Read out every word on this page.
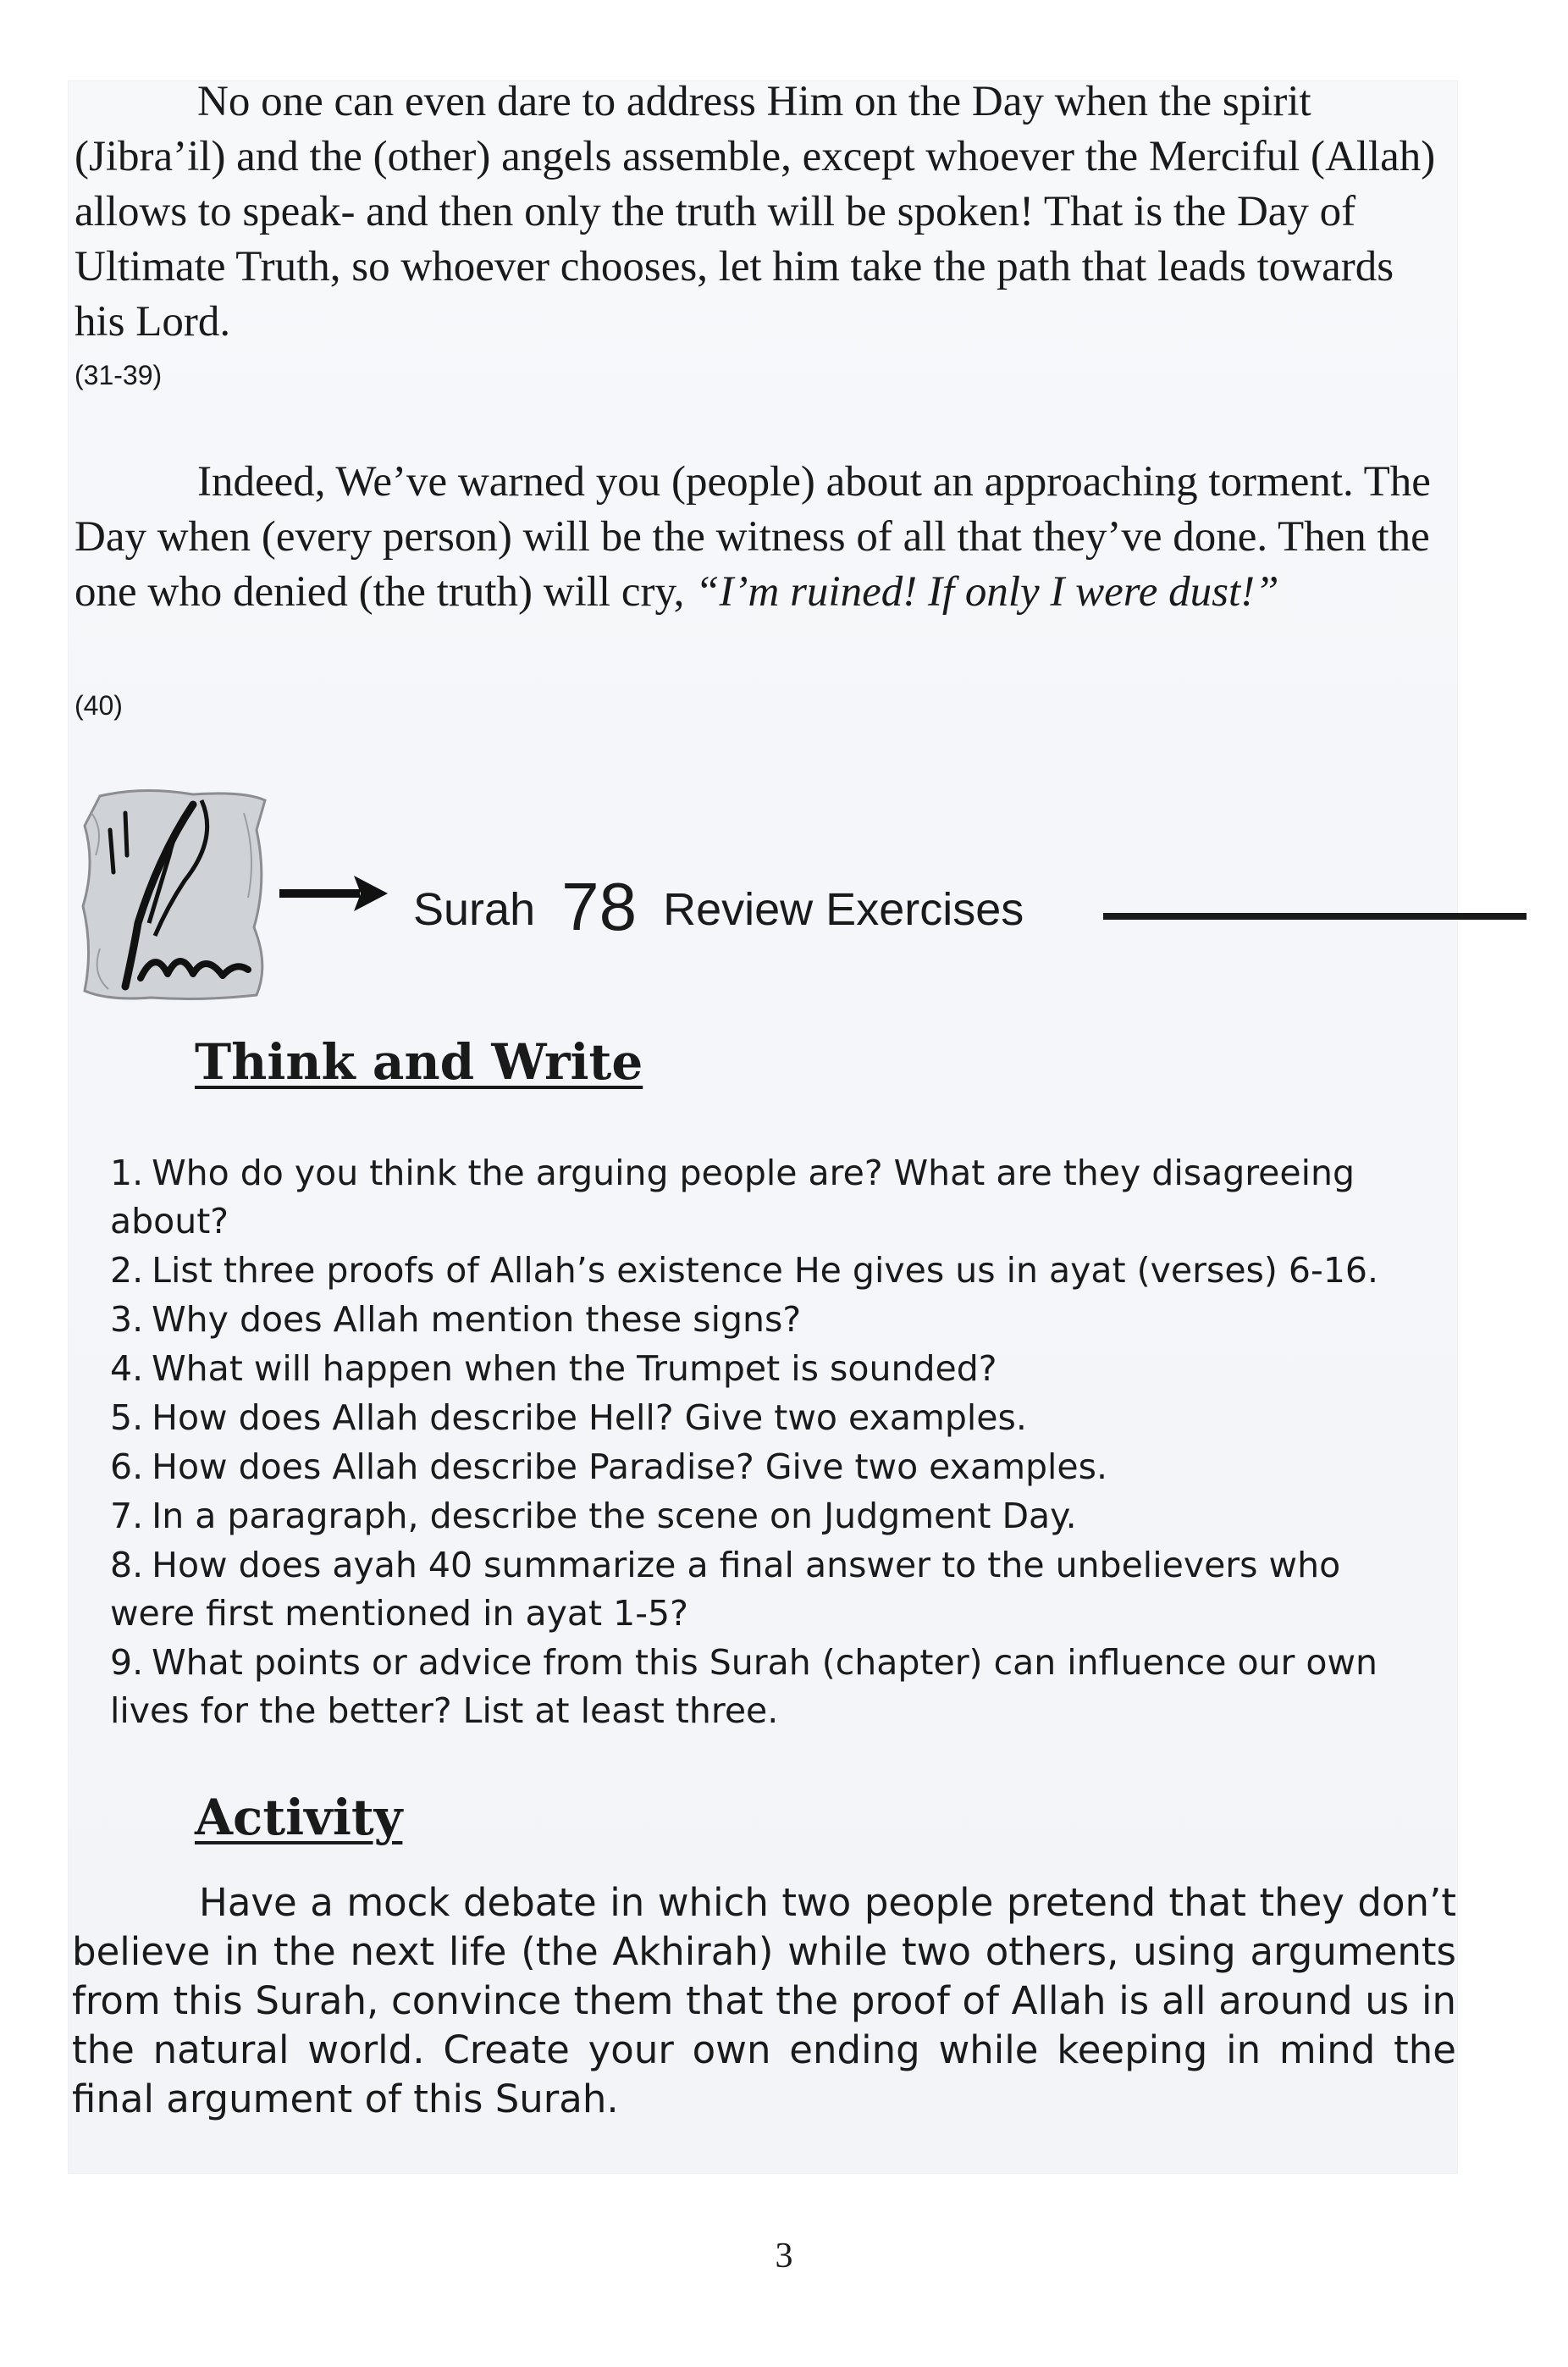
No one can even dare to address Him on the Day when the spirit (Jibra’il) and the (other) angels assemble, except whoever the Merciful (Allah) allows to speak- and then only the truth will be spoken! That is the Day of Ultimate Truth, so whoever chooses, let him take the path that leads towards his Lord.

(31-39)

Indeed, We’ve warned you (people) about an approaching torment. The Day when (every person) will be the witness of all that they’ve done. Then the one who denied (the truth) will cry, “I’m ruined! If only I were dust!”

(40)
Surah 78 Review Exercises
Think and Write
1. Who do you think the arguing people are? What are they disagreeing about?
2. List three proofs of Allah’s existence He gives us in ayat (verses) 6-16.
3. Why does Allah mention these signs?
4. What will happen when the Trumpet is sounded?
5. How does Allah describe Hell? Give two examples.
6. How does Allah describe Paradise? Give two examples.
7. In a paragraph, describe the scene on Judgment Day.
8. How does ayah 40 summarize a final answer to the unbelievers who were first mentioned in ayat 1-5?
9. What points or advice from this Surah (chapter) can influence our own lives for the better? List at least three.
Activity

Have a mock debate in which two people pretend that they don’t believe in the next life (the Akhirah) while two others, using arguments from this Surah, convince them that the proof of Allah is all around us in the natural world. Create your own ending while keeping in mind the final argument of this Surah.

3
